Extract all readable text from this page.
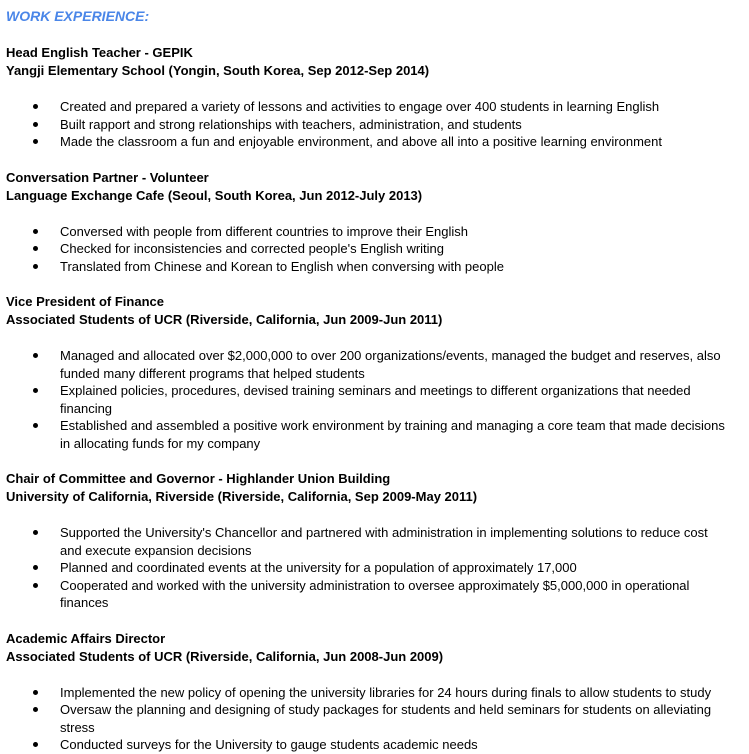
WORK EXPERIENCE:
Head English Teacher - GEPIK
Yangji Elementary School (Yongin, South Korea, Sep 2012-Sep 2014)
Created and prepared a variety of lessons and activities to engage over 400 students in learning English
Built rapport and strong relationships with teachers, administration, and students
Made the classroom a fun and enjoyable environment, and above all into a positive learning environment
Conversation Partner - Volunteer
Language Exchange Cafe (Seoul, South Korea, Jun 2012-July 2013)
Conversed with people from different countries to improve their English
Checked for inconsistencies and corrected people's English writing
Translated from Chinese and Korean to English when conversing with people
Vice President of Finance
Associated Students of UCR (Riverside, California, Jun 2009-Jun 2011)
Managed and allocated over $2,000,000 to over 200 organizations/events, managed the budget and reserves, also funded many different programs that helped students
Explained policies, procedures, devised training seminars and meetings to different organizations that needed financing
Established and assembled a positive work environment by training and managing a core team that made decisions in allocating funds for my company
Chair of Committee and Governor - Highlander Union Building
University of California, Riverside (Riverside, California, Sep 2009-May 2011)
Supported the University's Chancellor and partnered with administration in implementing solutions to reduce cost and execute expansion decisions
Planned and coordinated events at the university for a population of approximately 17,000
Cooperated and worked with the university administration to oversee approximately $5,000,000 in operational finances
Academic Affairs Director
Associated Students of UCR (Riverside, California, Jun 2008-Jun 2009)
Implemented the new policy of opening the university libraries for 24 hours during finals to allow students to study
Oversaw the planning and designing of study packages for students and held seminars for students on alleviating stress
Conducted surveys for the University to gauge students academic needs
